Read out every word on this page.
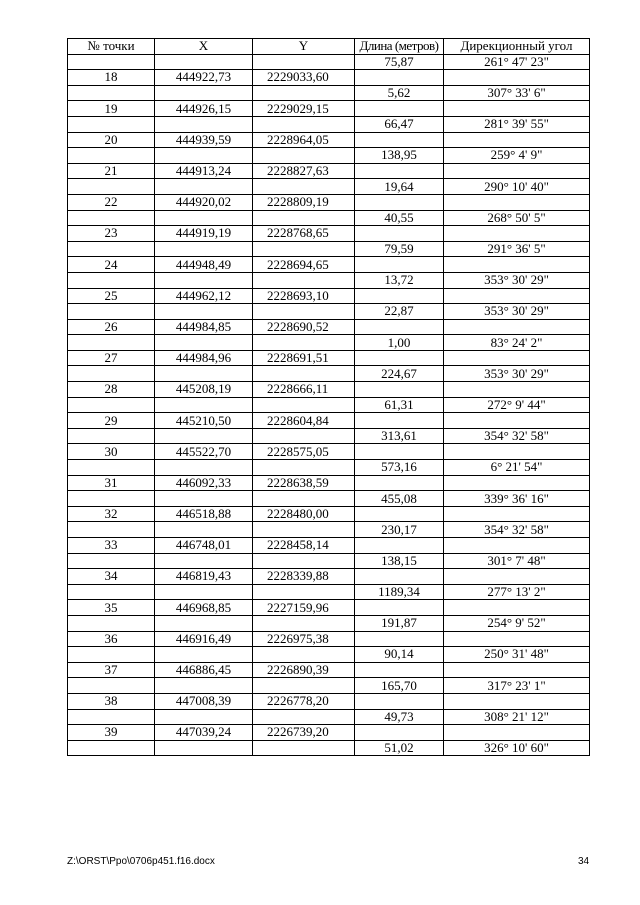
№ точки	X	Y	Длина (метров)	Дирекционный угол
			75,87	261° 47' 23"
18	444922,73	2229033,60		
			5,62	307° 33' 6"
19	444926,15	2229029,15		
			66,47	281° 39' 55"
20	444939,59	2228964,05		
			138,95	259° 4' 9"
21	444913,24	2228827,63		
			19,64	290° 10' 40"
22	444920,02	2228809,19		
			40,55	268° 50' 5"
23	444919,19	2228768,65		
			79,59	291° 36' 5"
24	444948,49	2228694,65		
			13,72	353° 30' 29"
25	444962,12	2228693,10		
			22,87	353° 30' 29"
26	444984,85	2228690,52		
			1,00	83° 24' 2"
27	444984,96	2228691,51		
			224,67	353° 30' 29"
28	445208,19	2228666,11		
			61,31	272° 9' 44"
29	445210,50	2228604,84		
			313,61	354° 32' 58"
30	445522,70	2228575,05		
			573,16	6° 21' 54"
31	446092,33	2228638,59		
			455,08	339° 36' 16"
32	446518,88	2228480,00		
			230,17	354° 32' 58"
33	446748,01	2228458,14		
			138,15	301° 7' 48"
34	446819,43	2228339,88		
			1189,34	277° 13' 2"
35	446968,85	2227159,96		
			191,87	254° 9' 52"
36	446916,49	2226975,38		
			90,14	250° 31' 48"
37	446886,45	2226890,39		
			165,70	317° 23' 1"
38	447008,39	2226778,20		
			49,73	308° 21' 12"
39	447039,24	2226739,20		
			51,02	326° 10' 60"
Z:\ORST\Ppo\0706p451.f16.docx	34
